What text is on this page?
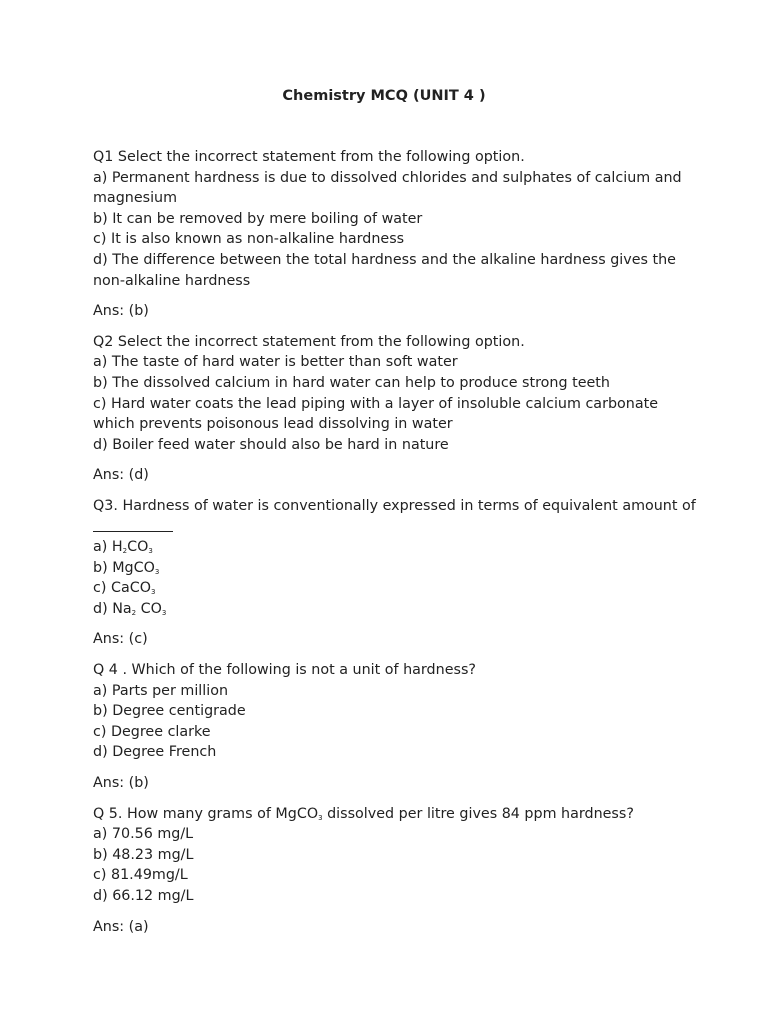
Chemistry MCQ (UNIT 4 )
Q1 Select the incorrect statement from the following option.
a) Permanent hardness is due to dissolved chlorides and sulphates of calcium and magnesium
b) It can be removed by mere boiling of water
c) It is also known as non-alkaline hardness
d) The difference between the total hardness and the alkaline hardness gives the non-alkaline hardness
Ans: (b)
Q2 Select the incorrect statement from the following option.
a) The taste of hard water is better than soft water
b) The dissolved calcium in hard water can help to produce strong teeth
c) Hard water coats the lead piping with a layer of insoluble calcium carbonate which prevents poisonous lead dissolving in water
d) Boiler feed water should also be hard in nature
Ans: (d)
Q3. Hardness of water is conventionally expressed in terms of equivalent amount of
a) $H_2CO_3$
b) MgCO$_3$
c) CaCO$_3$
d) $Na_2$ $CO_3$
Ans: (c)
Q 4 . Which of the following is not a unit of hardness?
a) Parts per million
b) Degree centigrade
c) Degree clarke
d) Degree French
Ans: (b)
Q 5. How many grams of MgCO$_3$ dissolved per litre gives 84 ppm hardness?
a) 70.56 mg/L
b) 48.23 mg/L
c) 81.49mg/L
d) 66.12 mg/L
Ans: (a)
